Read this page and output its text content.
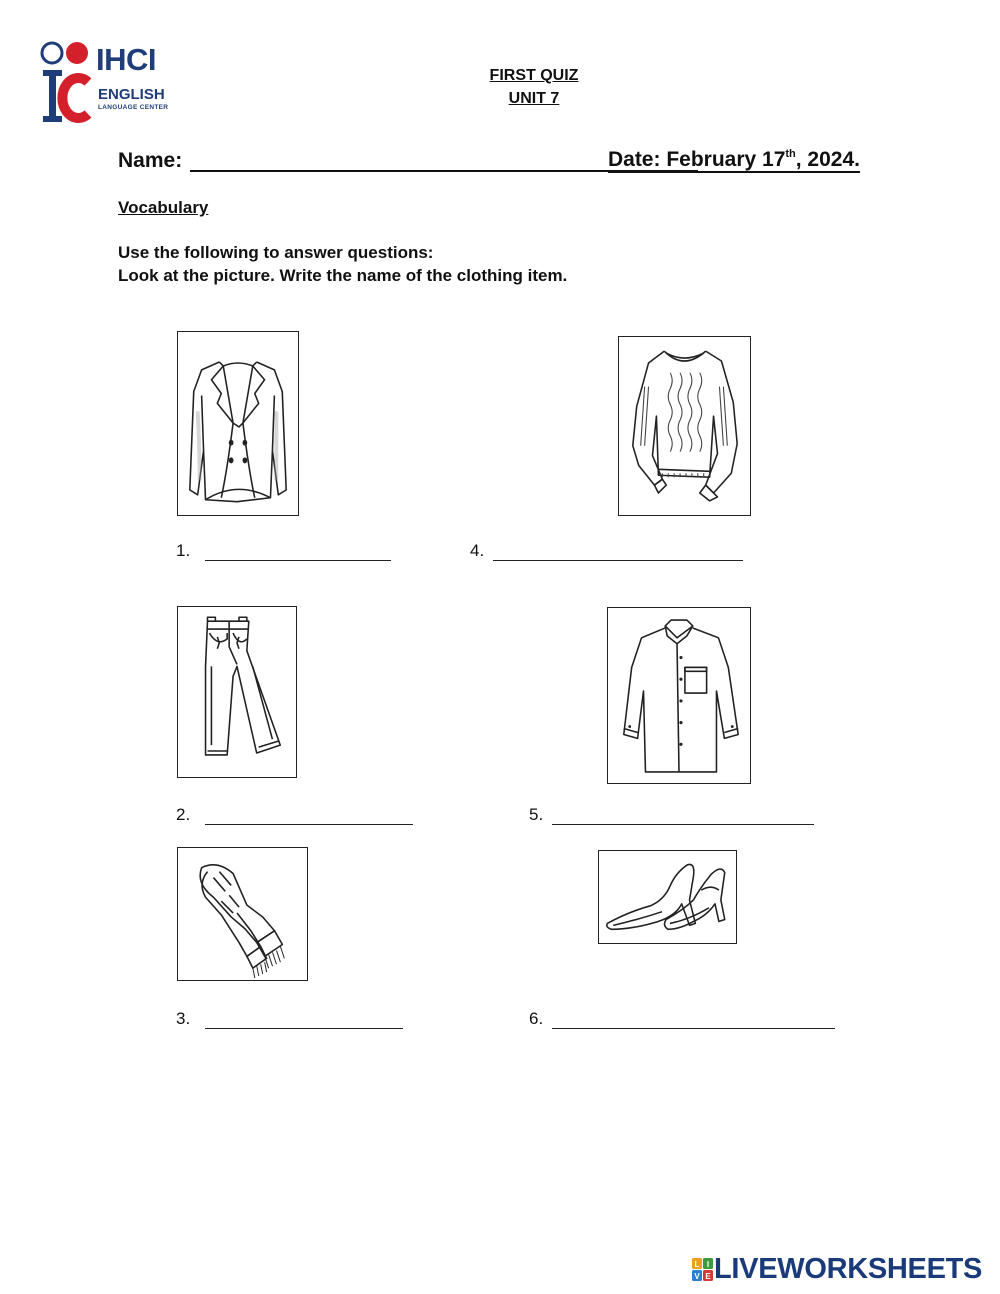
IHCI
ENGLISH
LANGUAGE CENTER
FIRST QUIZ
UNIT 7
Name:	Date: February 17th, 2024.
Vocabulary
Use the following to answer questions:
Look at the picture. Write the name of the clothing item.
1.	4.
2.	5.
3.	6.
L I
V E LIVEWORKSHEETS
